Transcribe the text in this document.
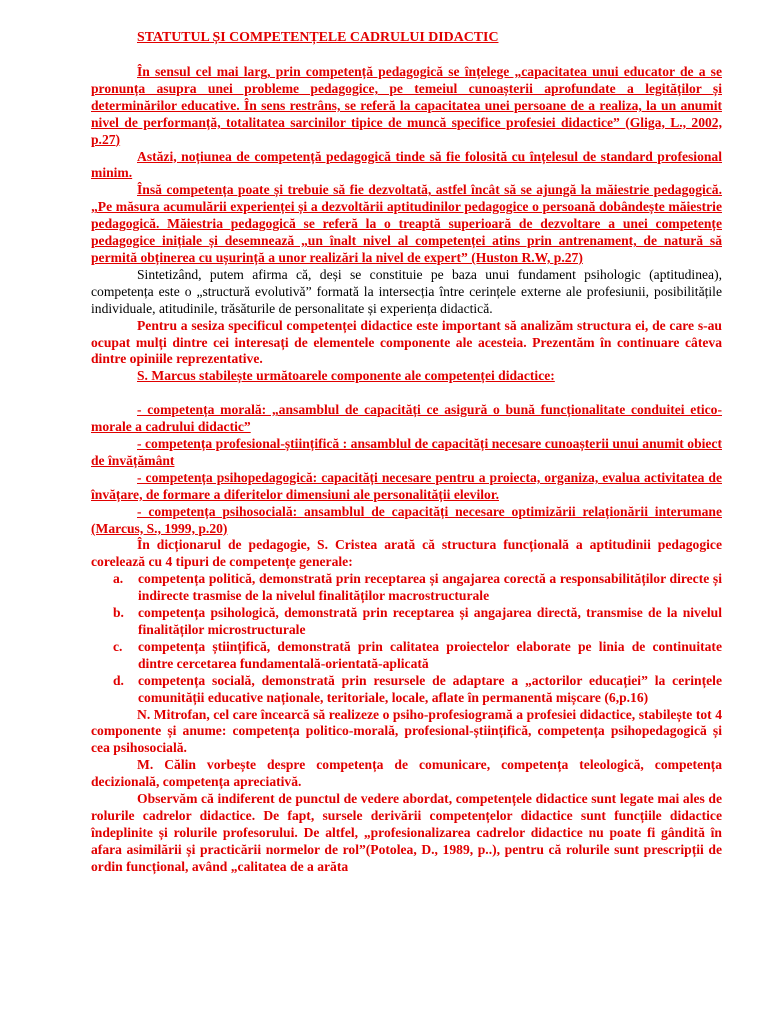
STATUTUL ȘI COMPETENȚELE CADRULUI DIDACTIC

În sensul cel mai larg, prin competență pedagogică se înțelege „capacitatea unui educator de a se pronunța asupra unei probleme pedagogice, pe temeiul cunoașterii aprofundate a legităților și determinărilor educative. În sens restrâns, se referă la capacitatea unei persoane de a realiza, la un anumit nivel de performanță, totalitatea sarcinilor tipice de muncă specifice profesiei didactice” (Gliga, L., 2002, p.27)

Astăzi, noțiunea de competență pedagogică tinde să fie folosită cu înțelesul de standard profesional minim.

Însă competența poate și trebuie să fie dezvoltată, astfel încât să se ajungă la măiestrie pedagogică. „Pe măsura acumulării experienței și a dezvoltării aptitudinilor pedagogice o persoană dobândește măiestrie pedagogică. Măiestria pedagogică se referă la o treaptă superioară de dezvoltare a unei competențe pedagogice inițiale și desemnează „un înalt nivel al competenței atins prin antrenament, de natură să permită obținerea cu ușurință a unor realizări la nivel de expert” (Huston R.W, p.27)

Sintetizând, putem afirma că, deși se constituie pe baza unui fundament psihologic (aptitudinea), competența este o „structură evolutivă” formată la intersecția între cerințele externe ale profesiunii, posibilitățile individuale, atitudinile, trăsăturile de personalitate și experiența didactică.

Pentru a sesiza specificul competenței didactice este important să analizăm structura ei, de care s-au ocupat mulți dintre cei interesați de elementele componente ale acesteia. Prezentăm în continuare câteva dintre opiniile reprezentative.

S. Marcus stabilește următoarele componente ale competenței didactice:

- competența morală: „ansamblul de capacități ce asigură o bună funcționalitate conduitei etico-morale a cadrului didactic”

- competența profesional-științifică : ansamblul de capacități necesare cunoașterii unui anumit obiect de învățământ

- competența psihopedagogică: capacități necesare pentru a proiecta, organiza, evalua activitatea de învățare, de formare a diferitelor dimensiuni ale personalității elevilor.

- competența psihosocială: ansamblul de capacități necesare optimizării relaționării interumane (Marcus, S., 1999, p.20)

În dicționarul de pedagogie, S. Cristea arată că structura funcțională a aptitudinii pedagogice corelează cu 4 tipuri de competențe generale:

a. competența politică, demonstrată prin receptarea și angajarea corectă a responsabilităților directe și indirecte trasmise de la nivelul finalităților macrostructurale
b. competența psihologică, demonstrată prin receptarea și angajarea directă, transmise de la nivelul finalităților microstructurale
c. competența științifică, demonstrată prin calitatea proiectelor elaborate pe linia de continuitate dintre cercetarea fundamentală-orientată-aplicată
d. competența socială, demonstrată prin resursele de adaptare a „actorilor educației” la cerințele comunității educative naționale, teritoriale, locale, aflate în permanentă mișcare (6,p.16)

N. Mitrofan, cel care încearcă să realizeze o psiho-profesiogramă a profesiei didactice, stabilește tot 4 componente și anume: competența politico-morală, profesional-științifică, competența psihopedagogică și cea psihosocială.

M. Călin vorbește despre competența de comunicare, competența teleologică, competența decizională, competența apreciativă.

Observăm că indiferent de punctul de vedere abordat, competențele didactice sunt legate mai ales de rolurile cadrelor didactice. De fapt, sursele derivării competențelor didactice sunt funcțiile didactice îndeplinite și rolurile profesorului. De altfel, „profesionalizarea cadrelor didactice nu poate fi gândită în afara asimilării și practicării normelor de rol”(Potolea, D., 1989, p..), pentru că rolurile sunt prescripții de ordin funcțional, având „calitatea de a arăta
